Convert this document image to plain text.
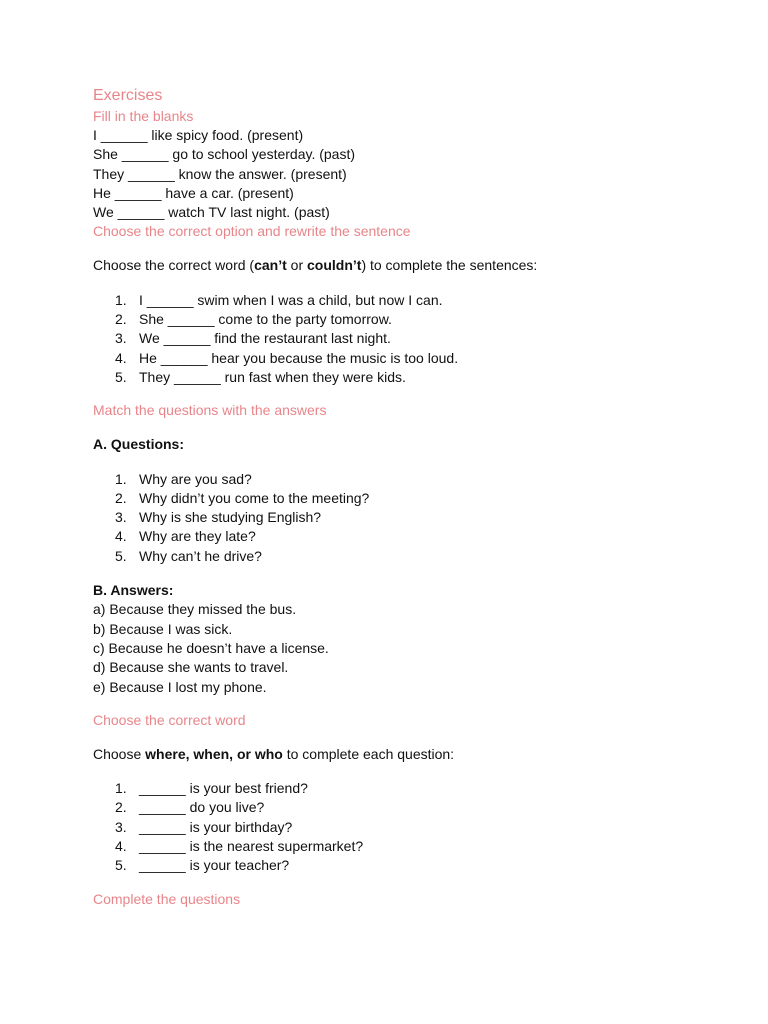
Exercises

Fill in the blanks

I ______ like spicy food. (present)

She ______ go to school yesterday. (past)

They ______ know the answer. (present)

He ______ have a car. (present)

We ______ watch TV last night. (past)

Choose the correct option and rewrite the sentence

Choose the correct word (can’t or couldn’t) to complete the sentences:

1. I ______ swim when I was a child, but now I can.
2. She ______ come to the party tomorrow.
3. We ______ find the restaurant last night.
4. He ______ hear you because the music is too loud.
5. They ______ run fast when they were kids.

Match the questions with the answers

A. Questions:

1. Why are you sad?
2. Why didn’t you come to the meeting?
3. Why is she studying English?
4. Why are they late?
5. Why can’t he drive?

B. Answers:

a) Because they missed the bus.

b) Because I was sick.

c) Because he doesn’t have a license.

d) Because she wants to travel.

e) Because I lost my phone.

Choose the correct word

Choose where, when, or who to complete each question:

1. ______ is your best friend?
2. ______ do you live?
3. ______ is your birthday?
4. ______ is the nearest supermarket?
5. ______ is your teacher?

Complete the questions
